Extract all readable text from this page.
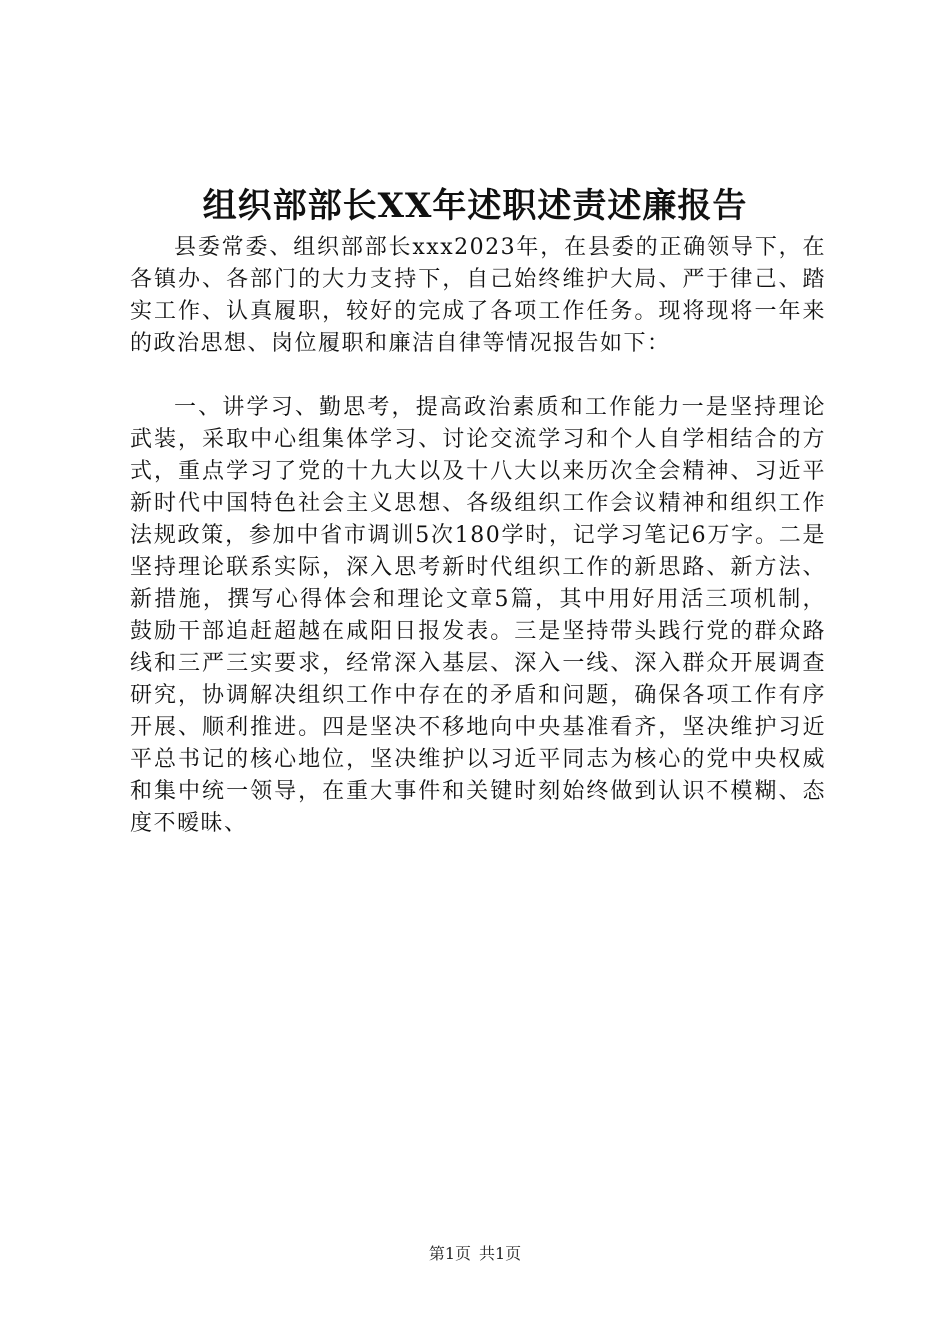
组织部部长XX年述职述责述廉报告

县委常委、组织部部长xxx2023年，在县委的正确领导下，在各镇办、各部门的大力支持下，自己始终维护大局、严于律己、踏实工作、认真履职，较好的完成了各项工作任务。现将现将一年来的政治思想、岗位履职和廉洁自律等情况报告如下：

一、讲学习、勤思考，提高政治素质和工作能力一是坚持理论武装，采取中心组集体学习、讨论交流学习和个人自学相结合的方式，重点学习了党的十九大以及十八大以来历次全会精神、习近平新时代中国特色社会主义思想、各级组织工作会议精神和组织工作法规政策，参加中省市调训5次180学时，记学习笔记6万字。二是坚持理论联系实际，深入思考新时代组织工作的新思路、新方法、新措施，撰写心得体会和理论文章5篇，其中用好用活三项机制，鼓励干部追赶超越在咸阳日报发表。三是坚持带头践行党的群众路线和三严三实要求，经常深入基层、深入一线、深入群众开展调查研究，协调解决组织工作中存在的矛盾和问题，确保各项工作有序开展、顺利推进。四是坚决不移地向中央基准看齐，坚决维护习近平总书记的核心地位，坚决维护以习近平同志为核心的党中央权威和集中统一领导，在重大事件和关键时刻始终做到认识不模糊、态度不暧昧、

第1页 共1页
